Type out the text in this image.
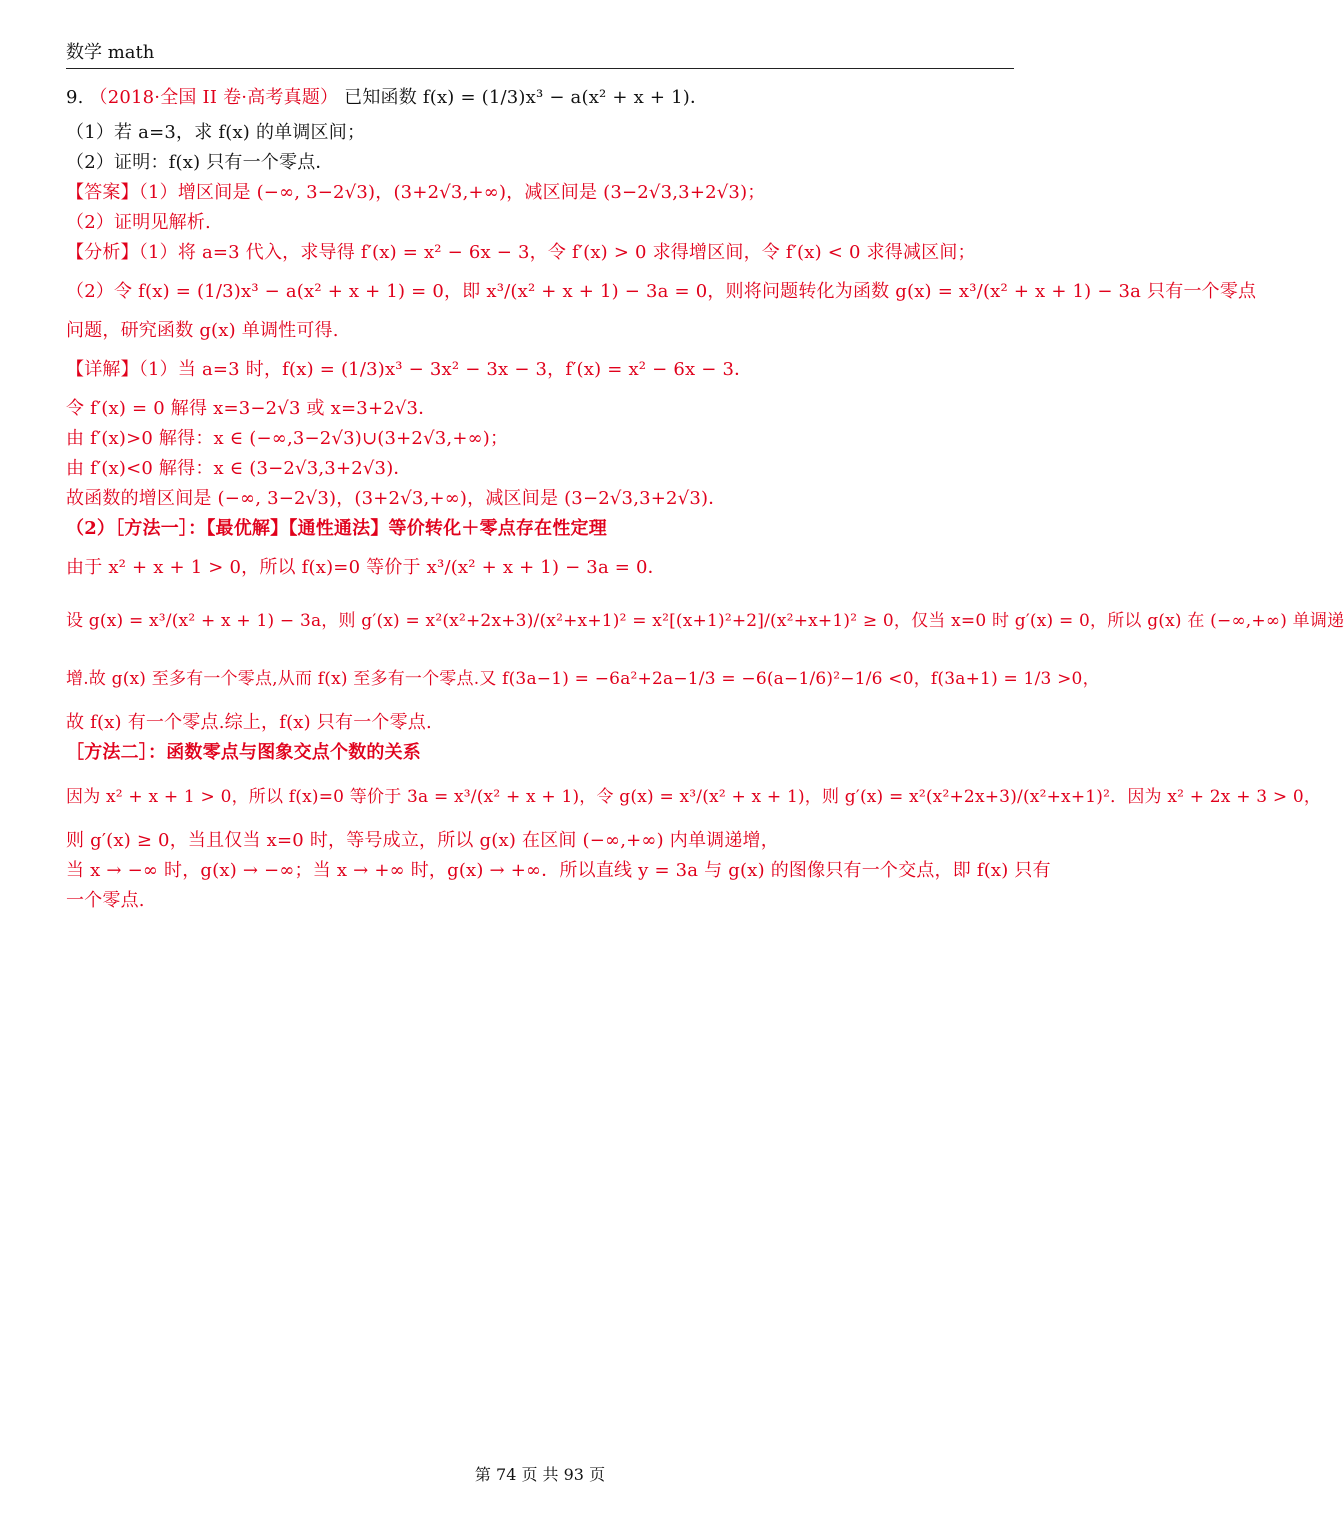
数学 math
9. （2018·全国 II 卷·高考真题） 已知函数 f(x) = (1/3)x³ − a(x² + x + 1)．
（1）若 a=3，求 f(x) 的单调区间；
（2）证明：f(x) 只有一个零点．
【答案】（1）增区间是 (−∞, 3−2√3)，(3+2√3,+∞)，减区间是 (3−2√3,3+2√3)；
（2）证明见解析.
【分析】（1）将 a=3 代入，求导得 f′(x) = x² − 6x − 3，令 f′(x) > 0 求得增区间，令 f′(x) < 0 求得减区间；
（2）令 f(x) = (1/3)x³ − a(x² + x + 1) = 0，即 x³/(x² + x + 1) − 3a = 0，则将问题转化为函数 g(x) = x³/(x² + x + 1) − 3a 只有一个零点
问题，研究函数 g(x) 单调性可得.
【详解】（1）当 a=3 时，f(x) = (1/3)x³ − 3x² − 3x − 3，f′(x) = x² − 6x − 3．
令 f′(x) = 0 解得 x=3−2√3 或 x=3+2√3．
由 f′(x)>0 解得：x ∈ (−∞,3−2√3)∪(3+2√3,+∞)；
由 f′(x)<0 解得：x ∈ (3−2√3,3+2√3)．
故函数的增区间是 (−∞, 3−2√3)，(3+2√3,+∞)，减区间是 (3−2√3,3+2√3)．
（2）［方法一］：【最优解】【通性通法】等价转化＋零点存在性定理
由于 x² + x + 1 > 0，所以 f(x)=0 等价于 x³/(x² + x + 1) − 3a = 0．
设 g(x) = x³/(x² + x + 1) − 3a，则 g′(x) = x²(x²+2x+3)/(x²+x+1)² = x²[(x+1)²+2]/(x²+x+1)² ≥ 0，仅当 x=0 时 g′(x) = 0，所以 g(x) 在 (−∞,+∞) 单调递
增.故 g(x) 至多有一个零点,从而 f(x) 至多有一个零点.又 f(3a−1) = −6a²+2a−1/3 = −6(a−1/6)²−1/6 <0，f(3a+1) = 1/3 >0，
故 f(x) 有一个零点.综上，f(x) 只有一个零点.
［方法二］：函数零点与图象交点个数的关系
因为 x² + x + 1 > 0，所以 f(x)=0 等价于 3a = x³/(x² + x + 1)，令 g(x) = x³/(x² + x + 1)，则 g′(x) = x²(x²+2x+3)/(x²+x+1)²．因为 x² + 2x + 3 > 0，
则 g′(x) ≥ 0，当且仅当 x=0 时，等号成立，所以 g(x) 在区间 (−∞,+∞) 内单调递增，
当 x → −∞ 时，g(x) → −∞；当 x → +∞ 时，g(x) → +∞．所以直线 y = 3a 与 g(x) 的图像只有一个交点，即 f(x) 只有
一个零点.
第 74 页 共 93 页
